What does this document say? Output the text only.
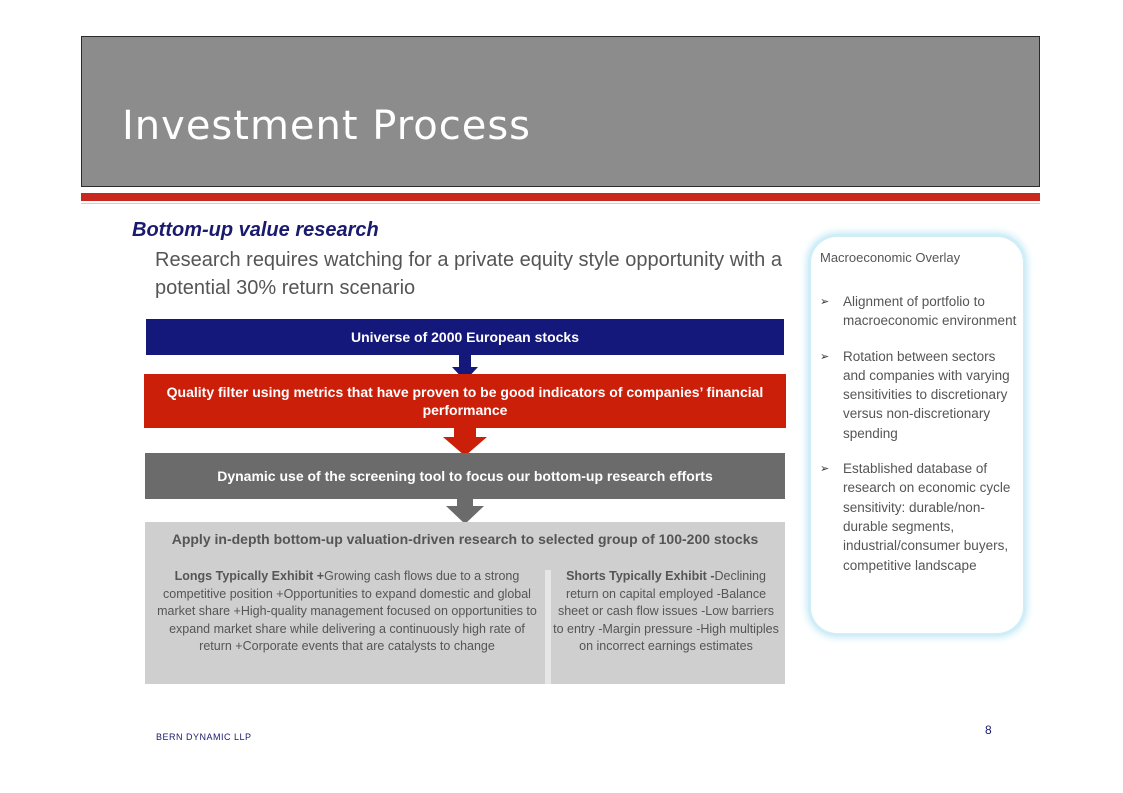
Investment Process
Bottom-up value research
Research requires watching for a private equity style opportunity with a potential 30% return scenario
Universe of 2000 European stocks
Quality filter using metrics that have proven to be good indicators of companies’ financial performance
Dynamic use of the screening tool to focus our bottom-up research efforts
Apply in-depth bottom-up valuation-driven research to selected group of 100-200 stocks
Longs Typically Exhibit +Growing cash flows due to a strong competitive position +Opportunities to expand domestic and global market share +High-quality management focused on opportunities to expand market share while delivering a continuously high rate of return +Corporate events that are catalysts to change
Shorts Typically Exhibit -Declining return on capital employed -Balance sheet or cash flow issues -Low barriers to entry -Margin pressure -High multiples on incorrect earnings estimates
Macroeconomic Overlay
➢ Alignment of portfolio to macroeconomic environment
➢ Rotation between sectors and companies with varying sensitivities to discretionary versus non-discretionary spending
➢ Established database of research on economic cycle sensitivity: durable/non-durable segments, industrial/consumer buyers, competitive landscape
BERN DYNAMIC LLP	8
